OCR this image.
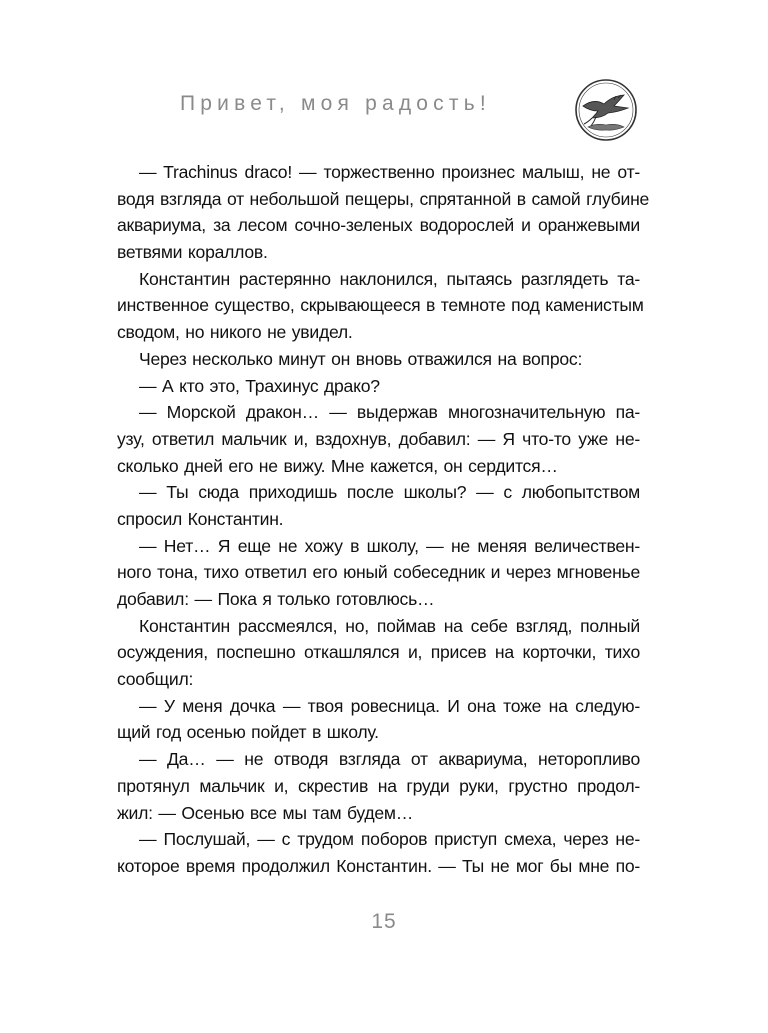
Привет, моя радость!
— Trachinus draco! — торжественно произнес малыш, не от-
водя взгляда от небольшой пещеры, спрятанной в самой глубине
аквариума, за лесом сочно-зеленых водорослей и оранжевыми
ветвями кораллов.
Константин растерянно наклонился, пытаясь разглядеть та-
инственное существо, скрывающееся в темноте под каменистым
сводом, но никого не увидел.
Через несколько минут он вновь отважился на вопрос:
— А кто это, Трахинус драко?
— Морской дракон… — выдержав многозначительную па-
узу, ответил мальчик и, вздохнув, добавил: — Я что-то уже не-
сколько дней его не вижу. Мне кажется, он сердится…
— Ты сюда приходишь после школы? — с любопытством
спросил Константин.
— Нет… Я еще не хожу в школу, — не меняя величествен-
ного тона, тихо ответил его юный собеседник и через мгновенье
добавил: — Пока я только готовлюсь…
Константин рассмеялся, но, поймав на себе взгляд, полный
осуждения, поспешно откашлялся и, присев на корточки, тихо
сообщил:
— У меня дочка — твоя ровесница. И она тоже на следую-
щий год осенью пойдет в школу.
— Да… — не отводя взгляда от аквариума, неторопливо
протянул мальчик и, скрестив на груди руки, грустно продол-
жил: — Осенью все мы там будем…
— Послушай, — с трудом поборов приступ смеха, через не-
которое время продолжил Константин. — Ты не мог бы мне по-
15
